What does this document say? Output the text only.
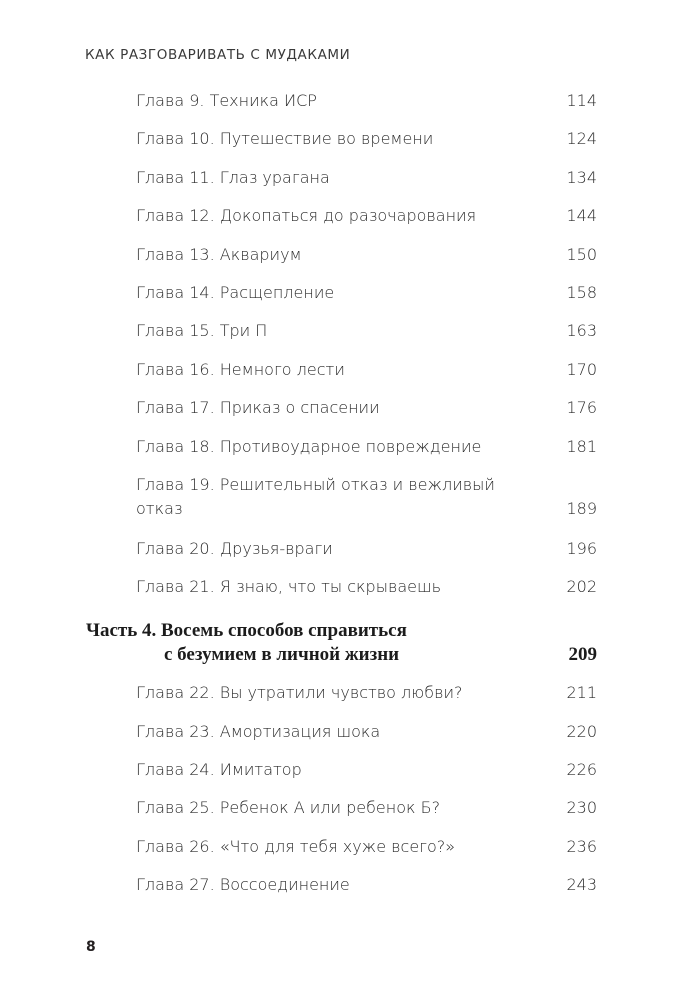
КАК РАЗГОВАРИВАТЬ С МУДАКАМИ
Глава 9. Техника ИСР	114
Глава 10. Путешествие во времени	124
Глава 11. Глаз урагана	134
Глава 12. Докопаться до разочарования	144
Глава 13. Аквариум	150
Глава 14. Расщепление	158
Глава 15. Три П	163
Глава 16. Немного лести	170
Глава 17. Приказ о спасении	176
Глава 18. Противоударное повреждение	181
Глава 19. Решительный отказ и вежливый отказ	189
Глава 20. Друзья-враги	196
Глава 21. Я знаю, что ты скрываешь	202
Часть 4. Восемь способов справиться
с безумием в личной жизни	209
Глава 22. Вы утратили чувство любви?	211
Глава 23. Амортизация шока	220
Глава 24. Имитатор	226
Глава 25. Ребенок А или ребенок Б?	230
Глава 26. «Что для тебя хуже всего?»	236
Глава 27. Воссоединение	243
8
